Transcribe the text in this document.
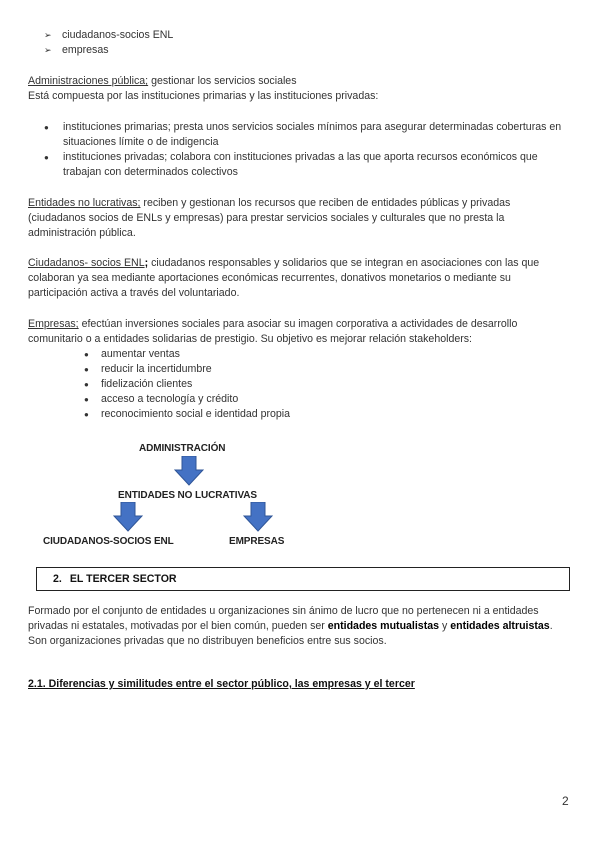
➢ ciudadanos-socios ENL
➢ empresas
Administraciones pública; gestionar los servicios sociales
Está compuesta por las instituciones primarias y las instituciones privadas:
●	instituciones primarias; presta unos servicios sociales mínimos para asegurar determinadas coberturas en situaciones límite o de indigencia
●	instituciones privadas; colabora con instituciones privadas a las que aporta recursos económicos que trabajan con determinados colectivos
Entidades no lucrativas; reciben y gestionan los recursos que reciben de entidades públicas y privadas (ciudadanos socios de ENLs y empresas) para prestar servicios sociales y culturales que no presta la administración pública.
Ciudadanos- socios ENL; ciudadanos responsables y solidarios que se integran en asociaciones con las que colaboran ya sea mediante aportaciones económicas recurrentes, donativos monetarios o mediante su participación activa a través del voluntariado.
Empresas; efectúan inversiones sociales para asociar su imagen corporativa a actividades de desarrollo comunitario o a entidades solidarias de prestigio. Su objetivo es mejorar relación stakeholders:
●	aumentar ventas
●	reducir la incertidumbre
●	fidelización clientes
●	acceso a tecnología y crédito
●	reconocimiento social e identidad propia
ADMINISTRACIÓN
ENTIDADES NO LUCRATIVAS
CIUDADANOS-SOCIOS ENL	EMPRESAS
2. EL TERCER SECTOR
Formado por el conjunto de entidades u organizaciones sin ánimo de lucro que no pertenecen ni a entidades privadas ni estatales, motivadas por el bien común, pueden ser entidades mutualistas y entidades altruistas.
Son organizaciones privadas que no distribuyen beneficios entre sus socios.
2.1. Diferencias y similitudes entre el sector público, las empresas y el tercer
2
